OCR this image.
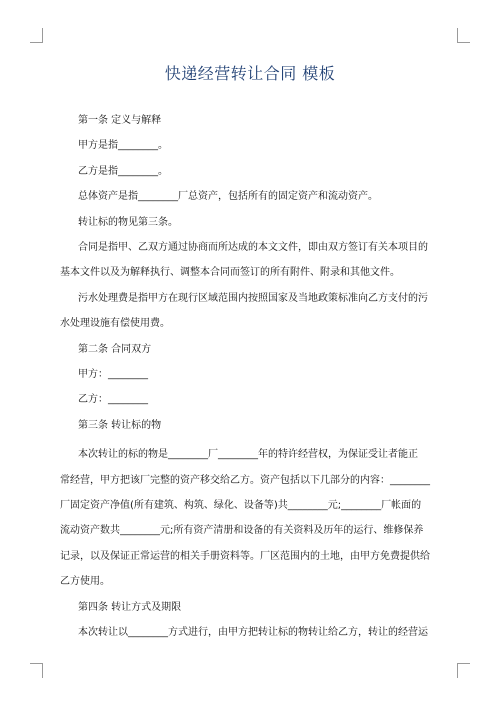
快递经营转让合同 模板
第一条 定义与解释
甲方是指________。
乙方是指________。
总体资产是指________厂总资产，包括所有的固定资产和流动资产。
转让标的物见第三条。
合同是指甲、乙双方通过协商而所达成的本文文件，即由双方签订有关本项目的
基本文件以及为解释执行、调整本合同而签订的所有附件、附录和其他文件。
污水处理费是指甲方在现行区域范围内按照国家及当地政策标准向乙方支付的污
水处理设施有偿使用费。
第二条 合同双方
甲方：________
乙方：________
第三条 转让标的物
本次转让的标的物是________厂________年的特许经营权，为保证受让者能正
常经营，甲方把该厂完整的资产移交给乙方。资产包括以下几部分的内容：________
厂固定资产净值(所有建筑、构筑、绿化、设备等)共________元;________厂帐面的
流动资产数共________元;所有资产清册和设备的有关资料及历年的运行、维修保养
记录，以及保证正常运营的相关手册资料等。厂区范围内的土地，由甲方免费提供给
乙方使用。
第四条 转让方式及期限
本次转让以________方式进行，由甲方把转让标的物转让给乙方，转让的经营运
